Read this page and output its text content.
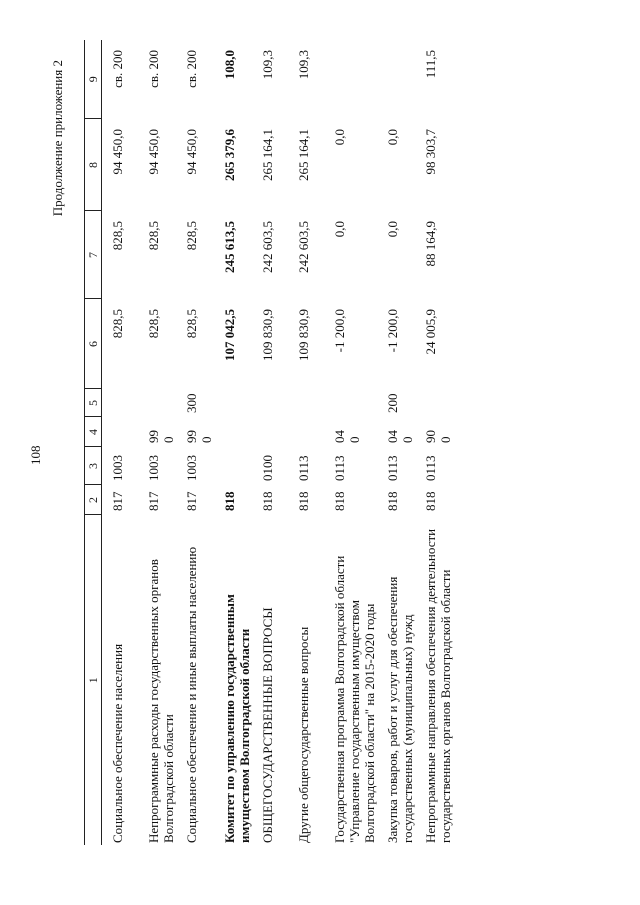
108
Продолжение приложения 2
1	2	3	4	5	6	7	8	9
Социальное обеспечение населения	817	1003			828,5	828,5	94 450,0	св. 200
Непрограммные расходы государственных органов Волгоградской области	817	1003	99 0		828,5	828,5	94 450,0	св. 200
Социальное обеспечение и иные выплаты населению	817	1003	99 0	300	828,5	828,5	94 450,0	св. 200
Комитет по управлению государственным имуществом Волгоградской области	818				107 042,5	245 613,5	265 379,6	108,0
ОБЩЕГОСУДАРСТВЕННЫЕ ВОПРОСЫ	818	0100			109 830,9	242 603,5	265 164,1	109,3
Другие общегосударственные вопросы	818	0113			109 830,9	242 603,5	265 164,1	109,3
Государственная программа Волгоградской области "Управление государственным имуществом Волгоградской области" на 2015-2020 годы	818	0113	04 0		-1 200,0	0,0	0,0	
Закупка товаров, работ и услуг для обеспечения государственных (муниципальных) нужд	818	0113	04 0	200	-1 200,0	0,0	0,0	
Непрограммные направления обеспечения деятельности государственных органов Волгоградской области	818	0113	90 0		24 005,9	88 164,9	98 303,7	111,5
